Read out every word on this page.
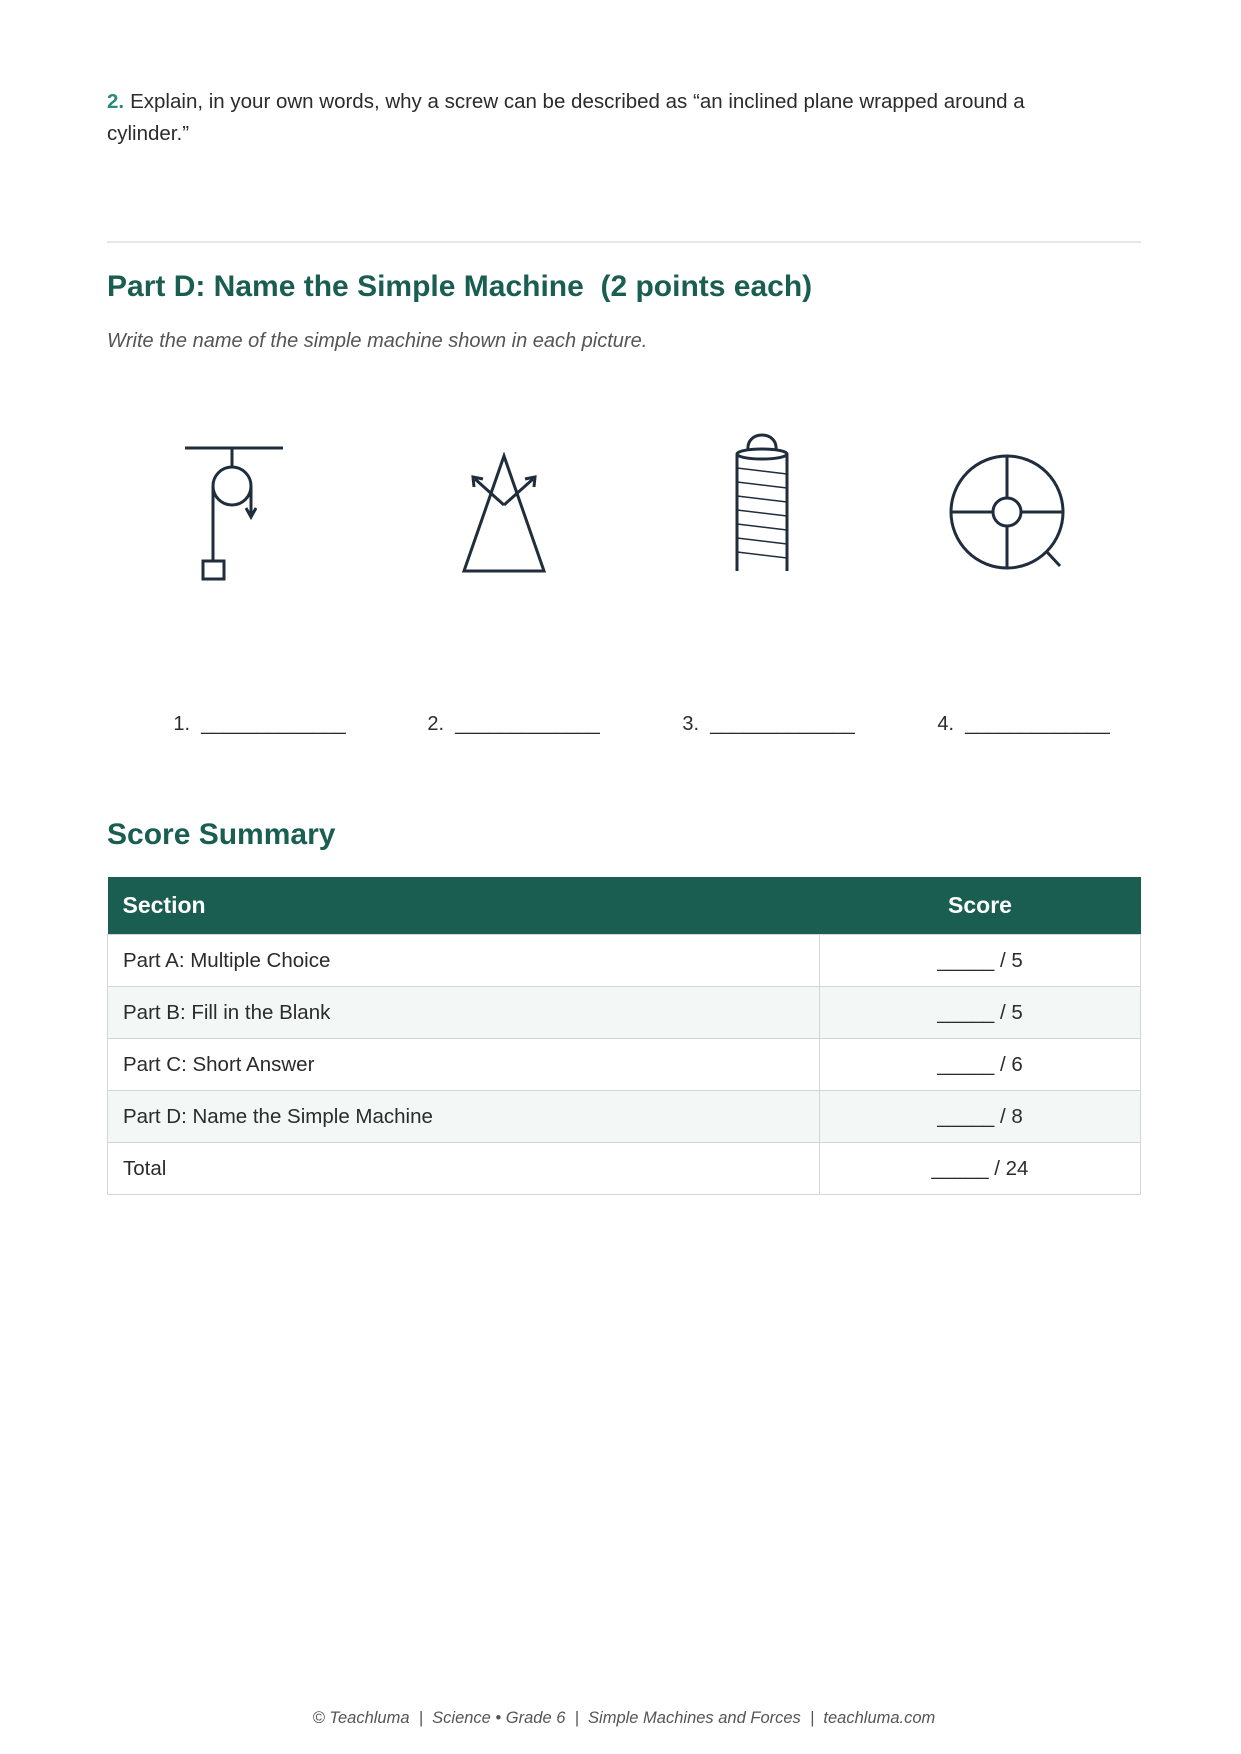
2. Explain, in your own words, why a screw can be described as “an inclined plane wrapped around a cylinder.”
Part D: Name the Simple Machine  (2 points each)
Write the name of the simple machine shown in each picture.

1. _____________
	2. _____________
	3. _____________
	4. _____________

Score Summary
Section	Score
Part A: Multiple Choice	_____ / 5
Part B: Fill in the Blank	_____ / 5
Part C: Short Answer	_____ / 6
Part D: Name the Simple Machine	_____ / 8
Total	_____ / 24
© Teachluma  |  Science • Grade 6  |  Simple Machines and Forces  |  teachluma.com
